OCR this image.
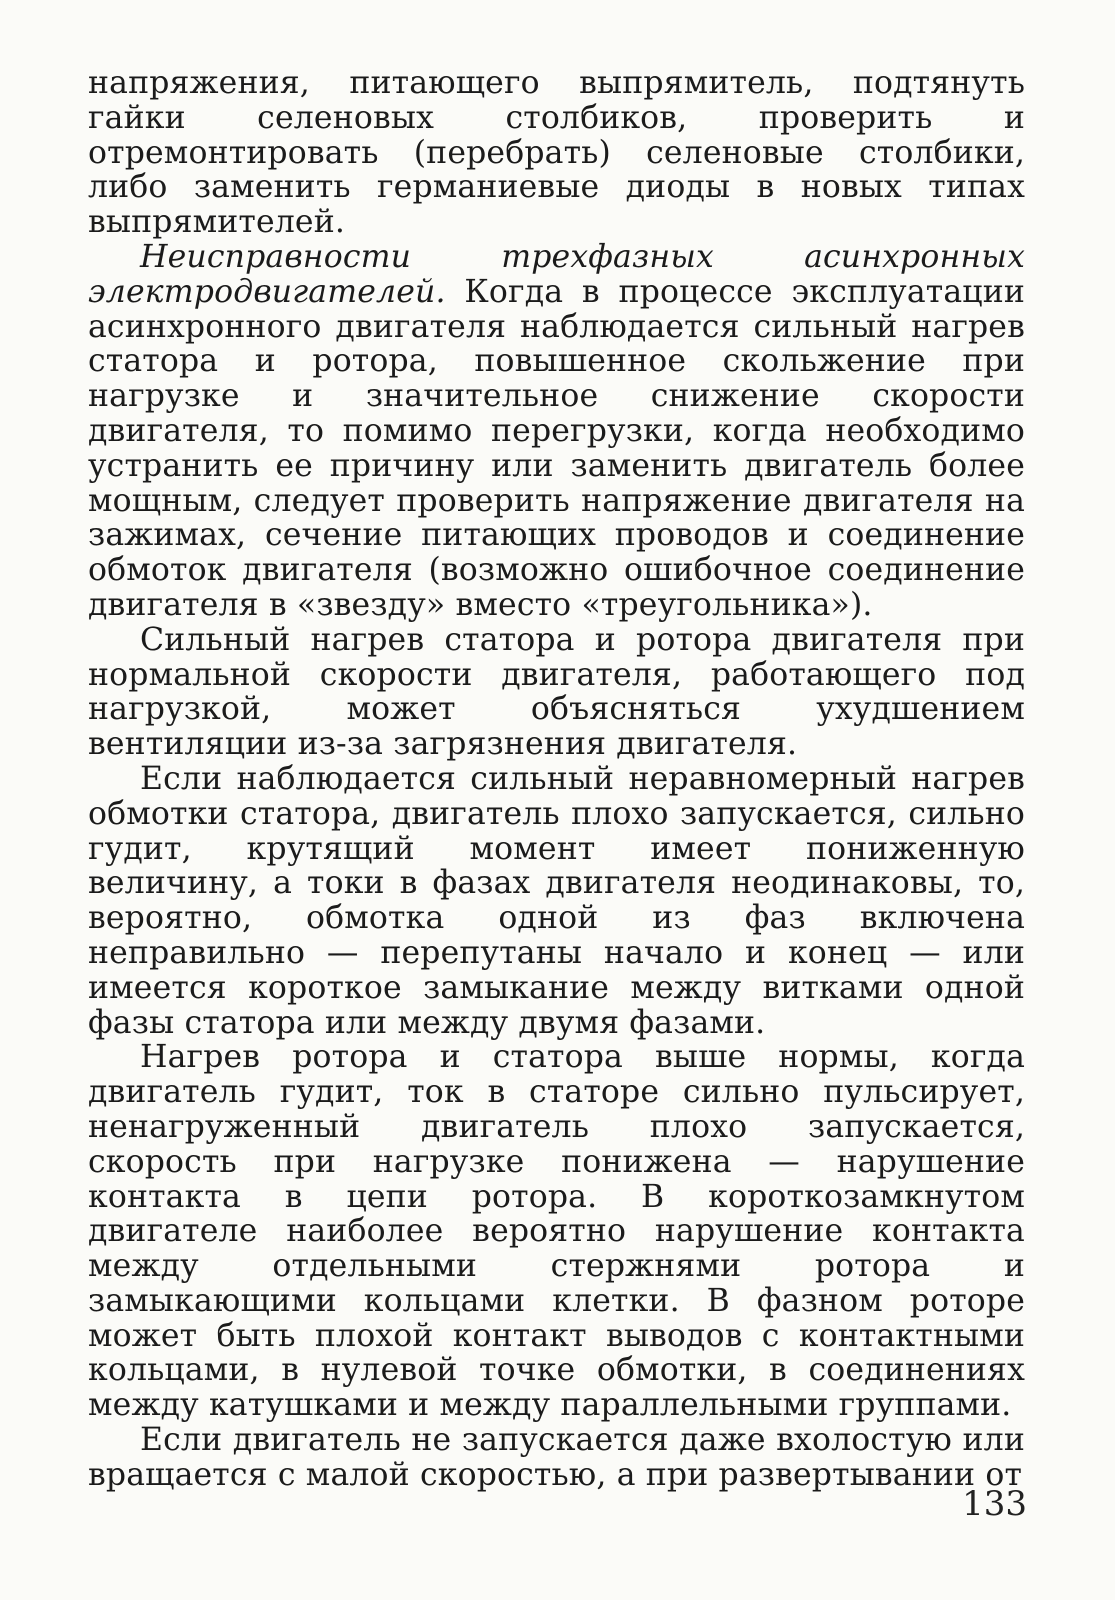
напряжения, питающего выпрямитель, подтянуть гайки селеновых столбиков, проверить и отремонтировать (перебрать) селеновые столбики, либо заменить германиевые диоды в новых типах выпрямителей.

Неисправности трехфазных асинхронных электродвигателей. Когда в процессе эксплуатации асинхронного двигателя наблюдается сильный нагрев статора и ротора, повышенное скольжение при нагрузке и значительное снижение скорости двигателя, то помимо перегрузки, когда необходимо устранить ее причину или заменить двигатель более мощным, следует проверить напряжение двигателя на зажимах, сечение питающих проводов и соединение обмоток двигателя (возможно ошибочное соединение двигателя в «звезду» вместо «треугольника»).

Сильный нагрев статора и ротора двигателя при нормальной скорости двигателя, работающего под нагрузкой, может объясняться ухудшением вентиляции из-за загрязнения двигателя.

Если наблюдается сильный неравномерный нагрев обмотки статора, двигатель плохо запускается, сильно гудит, крутящий момент имеет пониженную величину, а токи в фазах двигателя неодинаковы, то, вероятно, обмотка одной из фаз включена неправильно — перепутаны начало и конец — или имеется короткое замыкание между витками одной фазы статора или между двумя фазами.

Нагрев ротора и статора выше нормы, когда двигатель гудит, ток в статоре сильно пульсирует, ненагруженный двигатель плохо запускается, скорость при нагрузке понижена — нарушение контакта в цепи ротора. В короткозамкнутом двигателе наиболее вероятно нарушение контакта между отдельными стержнями ротора и замыкающими кольцами клетки. В фазном роторе может быть плохой контакт выводов с контактными кольцами, в нулевой точке обмотки, в соединениях между катушками и между параллельными группами.

Если двигатель не запускается даже вхолостую или вращается с малой скоростью, а при развертывании от

133
